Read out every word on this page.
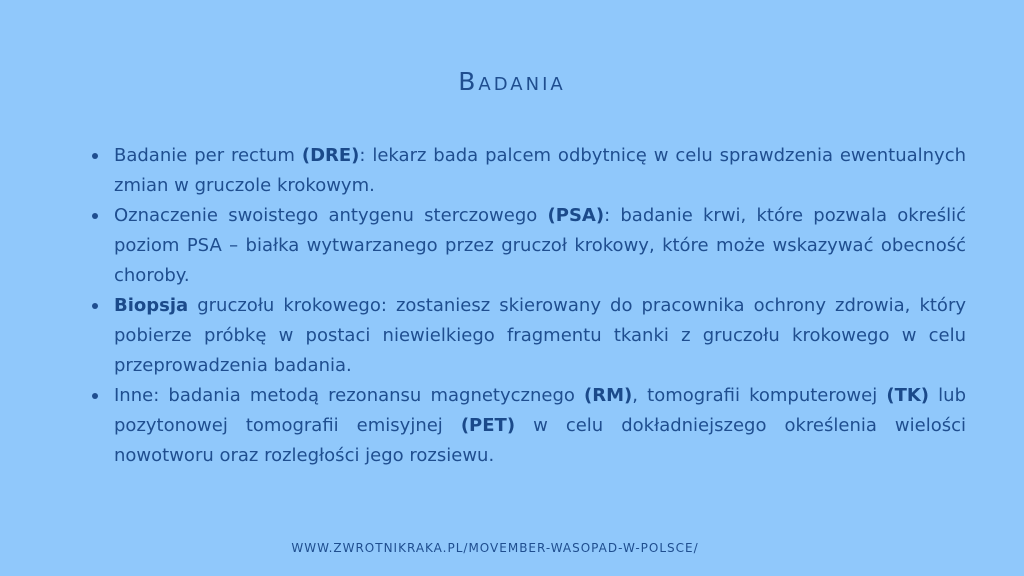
Badania
Badanie per rectum (DRE): lekarz bada palcem odbytnicę w celu sprawdzenia ewentualnych zmian w gruczole krokowym.
Oznaczenie swoistego antygenu sterczowego (PSA): badanie krwi, które pozwala określić poziom PSA – białka wytwarzanego przez gruczoł krokowy, które może wskazywać obecność choroby.
Biopsja gruczołu krokowego: zostaniesz skierowany do pracownika ochrony zdrowia, który pobierze próbkę w postaci niewielkiego fragmentu tkanki z gruczołu krokowego w celu przeprowadzenia badania.
Inne: badania metodą rezonansu magnetycznego (RM), tomografii komputerowej (TK) lub pozytonowej tomografii emisyjnej (PET) w celu dokładniejszego określenia wielości nowotworu oraz rozległości jego rozsiewu.
WWW.ZWROTNIKRAKA.PL/MOVEMBER-WASOPAD-W-POLSCE/
